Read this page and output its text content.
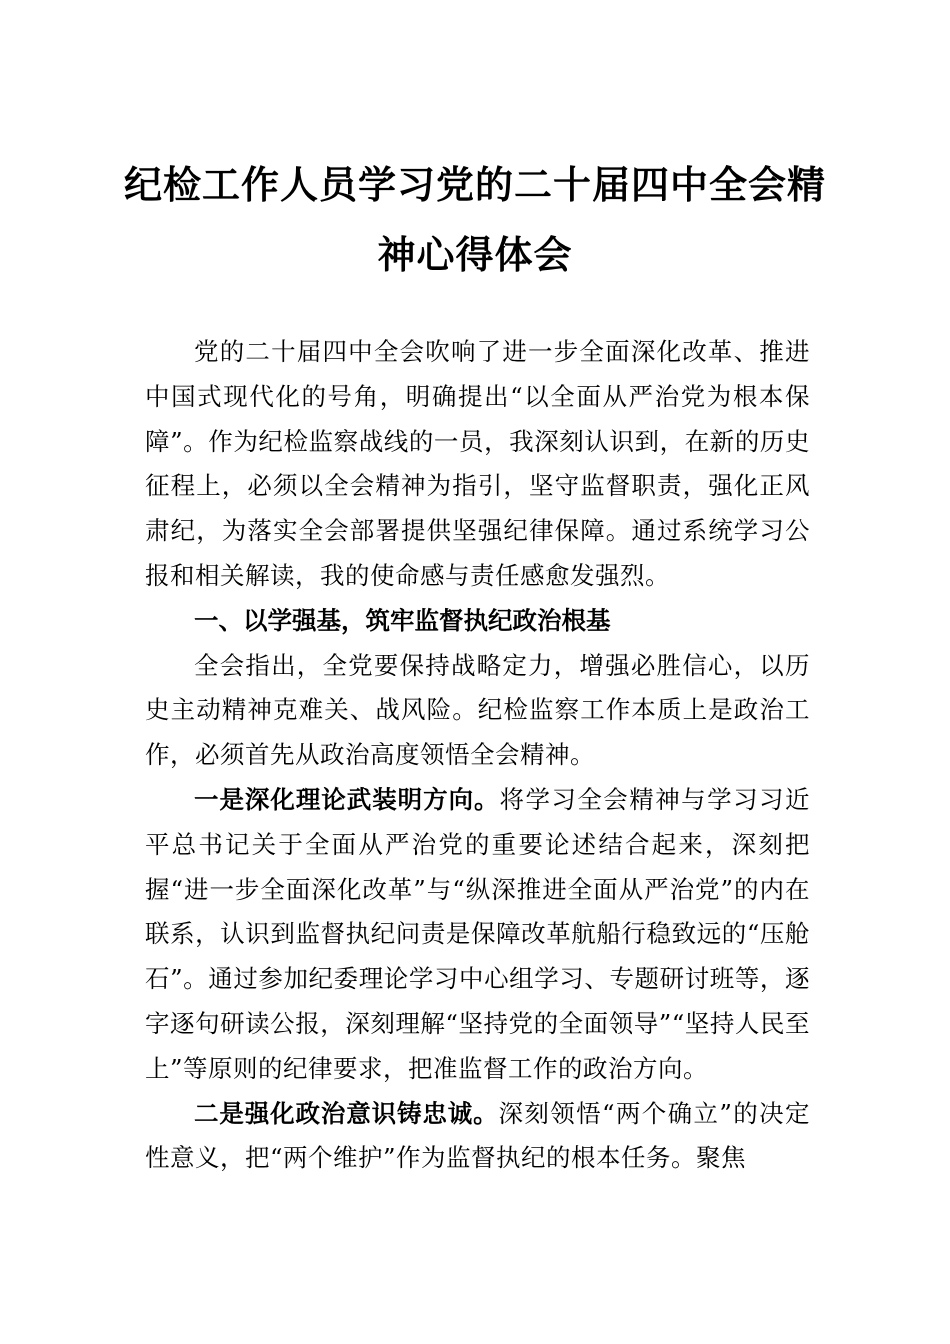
纪检工作人员学习党的二十届四中全会精
神心得体会

党的二十届四中全会吹响了进一步全面深化改革、推进中国式现代化的号角，明确提出“以全面从严治党为根本保障”。作为纪检监察战线的一员，我深刻认识到，在新的历史征程上，必须以全会精神为指引，坚守监督职责，强化正风肃纪，为落实全会部署提供坚强纪律保障。通过系统学习公报和相关解读，我的使命感与责任感愈发强烈。

一、以学强基，筑牢监督执纪政治根基

全会指出，全党要保持战略定力，增强必胜信心，以历史主动精神克难关、战风险。纪检监察工作本质上是政治工作，必须首先从政治高度领悟全会精神。

一是深化理论武装明方向。将学习全会精神与学习习近平总书记关于全面从严治党的重要论述结合起来，深刻把握“进一步全面深化改革”与“纵深推进全面从严治党”的内在联系，认识到监督执纪问责是保障改革航船行稳致远的“压舱石”。通过参加纪委理论学习中心组学习、专题研讨班等，逐字逐句研读公报，深刻理解“坚持党的全面领导”“坚持人民至上”等原则的纪律要求，把准监督工作的政治方向。

二是强化政治意识铸忠诚。深刻领悟“两个确立”的决定性意义，把“两个维护”作为监督执纪的根本任务。聚焦
